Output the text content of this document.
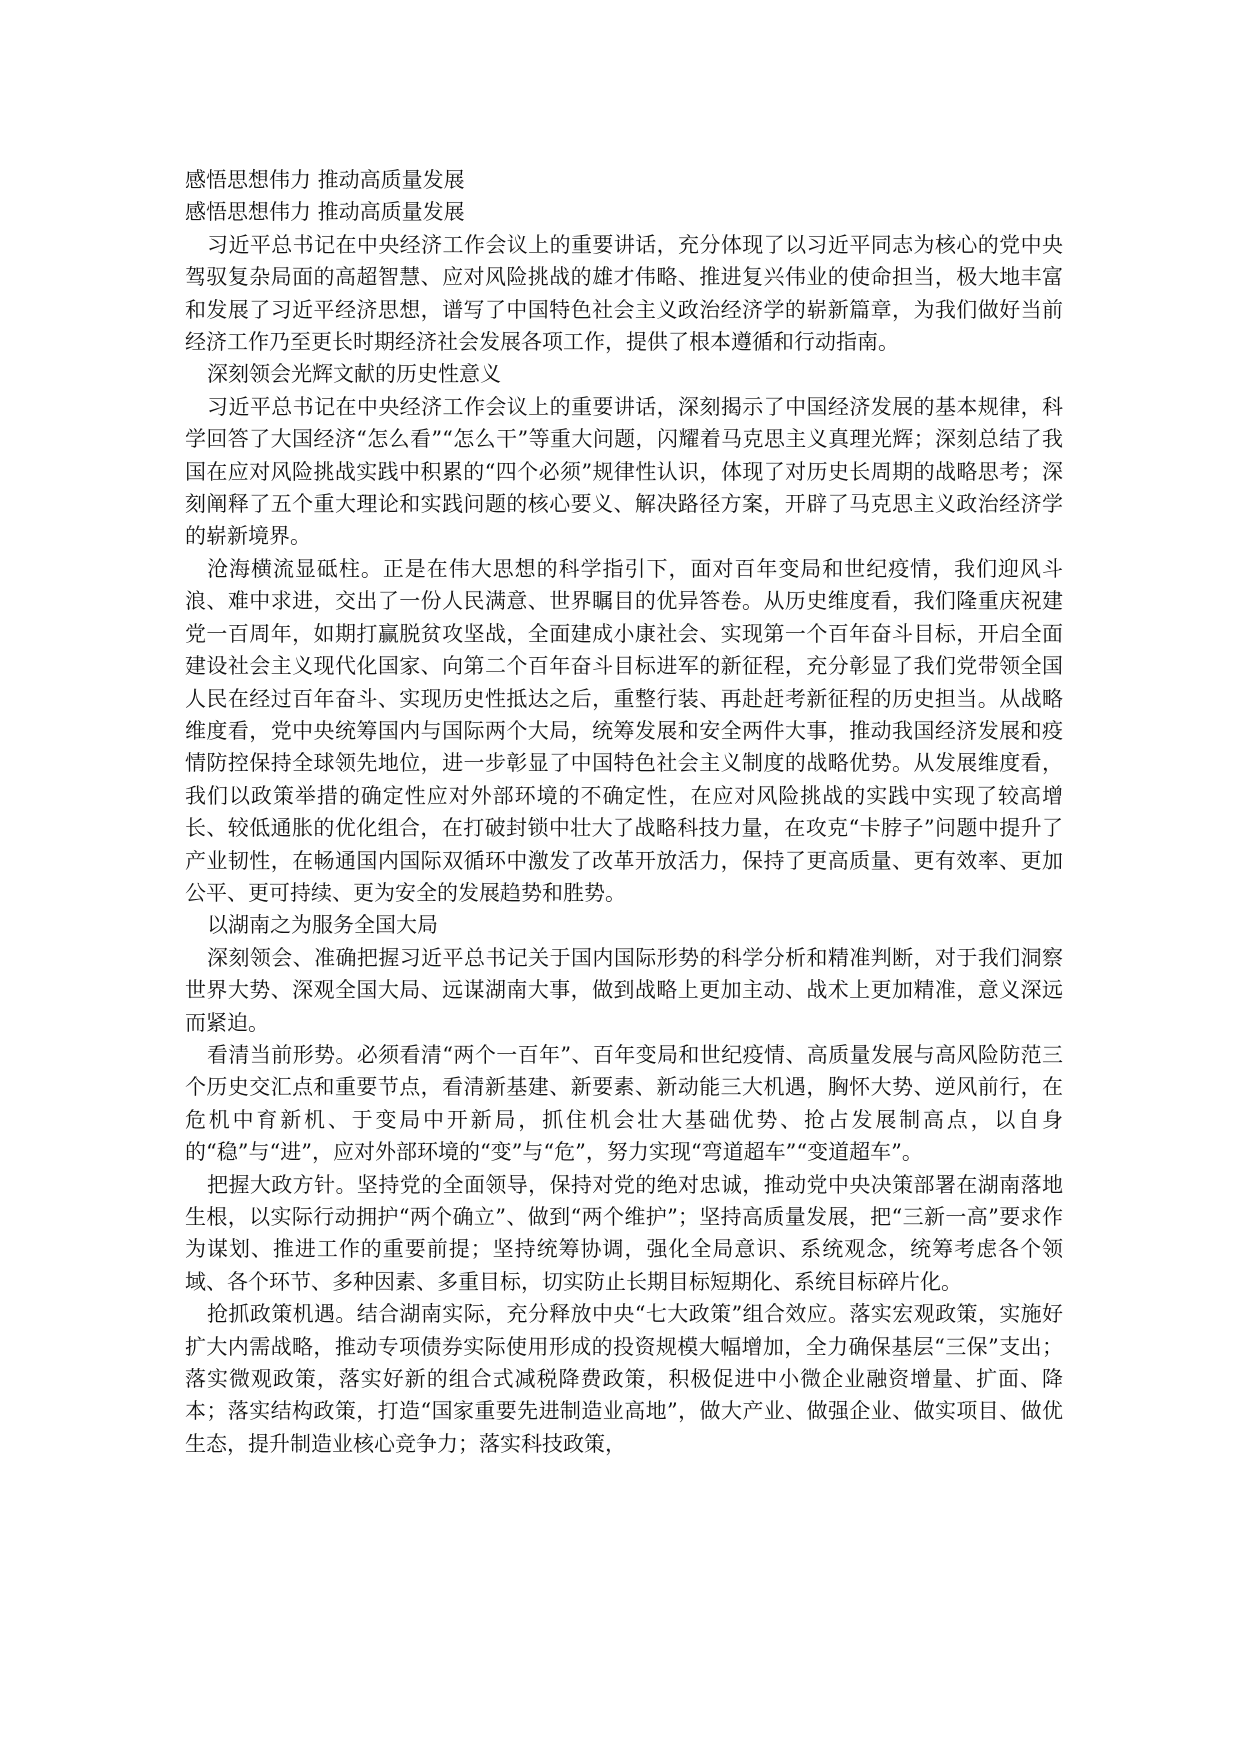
感悟思想伟力 推动高质量发展
感悟思想伟力 推动高质量发展

习近平总书记在中央经济工作会议上的重要讲话，充分体现了以习近平同志为核心的党中央驾驭复杂局面的高超智慧、应对风险挑战的雄才伟略、推进复兴伟业的使命担当，极大地丰富和发展了习近平经济思想，谱写了中国特色社会主义政治经济学的崭新篇章，为我们做好当前经济工作乃至更长时期经济社会发展各项工作，提供了根本遵循和行动指南。

深刻领会光辉文献的历史性意义

习近平总书记在中央经济工作会议上的重要讲话，深刻揭示了中国经济发展的基本规律，科学回答了大国经济“怎么看”“怎么干”等重大问题，闪耀着马克思主义真理光辉；深刻总结了我国在应对风险挑战实践中积累的“四个必须”规律性认识，体现了对历史长周期的战略思考；深刻阐释了五个重大理论和实践问题的核心要义、解决路径方案，开辟了马克思主义政治经济学的崭新境界。

沧海横流显砥柱。正是在伟大思想的科学指引下，面对百年变局和世纪疫情，我们迎风斗浪、难中求进，交出了一份人民满意、世界瞩目的优异答卷。从历史维度看，我们隆重庆祝建党一百周年，如期打赢脱贫攻坚战，全面建成小康社会、实现第一个百年奋斗目标，开启全面建设社会主义现代化国家、向第二个百年奋斗目标进军的新征程，充分彰显了我们党带领全国人民在经过百年奋斗、实现历史性抵达之后，重整行装、再赴赶考新征程的历史担当。从战略维度看，党中央统筹国内与国际两个大局，统筹发展和安全两件大事，推动我国经济发展和疫情防控保持全球领先地位，进一步彰显了中国特色社会主义制度的战略优势。从发展维度看，我们以政策举措的确定性应对外部环境的不确定性，在应对风险挑战的实践中实现了较高增长、较低通胀的优化组合，在打破封锁中壮大了战略科技力量，在攻克“卡脖子”问题中提升了产业韧性，在畅通国内国际双循环中激发了改革开放活力，保持了更高质量、更有效率、更加公平、更可持续、更为安全的发展趋势和胜势。

以湖南之为服务全国大局

深刻领会、准确把握习近平总书记关于国内国际形势的科学分析和精准判断，对于我们洞察世界大势、深观全国大局、远谋湖南大事，做到战略上更加主动、战术上更加精准，意义深远而紧迫。

看清当前形势。必须看清“两个一百年”、百年变局和世纪疫情、高质量发展与高风险防范三个历史交汇点和重要节点，看清新基建、新要素、新动能三大机遇，胸怀大势、逆风前行，在危机中育新机、于变局中开新局，抓住机会壮大基础优势、抢占发展制高点，以自身的“稳”与“进”，应对外部环境的“变”与“危”，努力实现“弯道超车”“变道超车”。

把握大政方针。坚持党的全面领导，保持对党的绝对忠诚，推动党中央决策部署在湖南落地生根，以实际行动拥护“两个确立”、做到“两个维护”；坚持高质量发展，把“三新一高”要求作为谋划、推进工作的重要前提；坚持统筹协调，强化全局意识、系统观念，统筹考虑各个领域、各个环节、多种因素、多重目标，切实防止长期目标短期化、系统目标碎片化。

抢抓政策机遇。结合湖南实际，充分释放中央“七大政策”组合效应。落实宏观政策，实施好扩大内需战略，推动专项债券实际使用形成的投资规模大幅增加，全力确保基层“三保”支出；落实微观政策，落实好新的组合式减税降费政策，积极促进中小微企业融资增量、扩面、降本；落实结构政策，打造“国家重要先进制造业高地”，做大产业、做强企业、做实项目、做优生态，提升制造业核心竞争力；落实科技政策，
